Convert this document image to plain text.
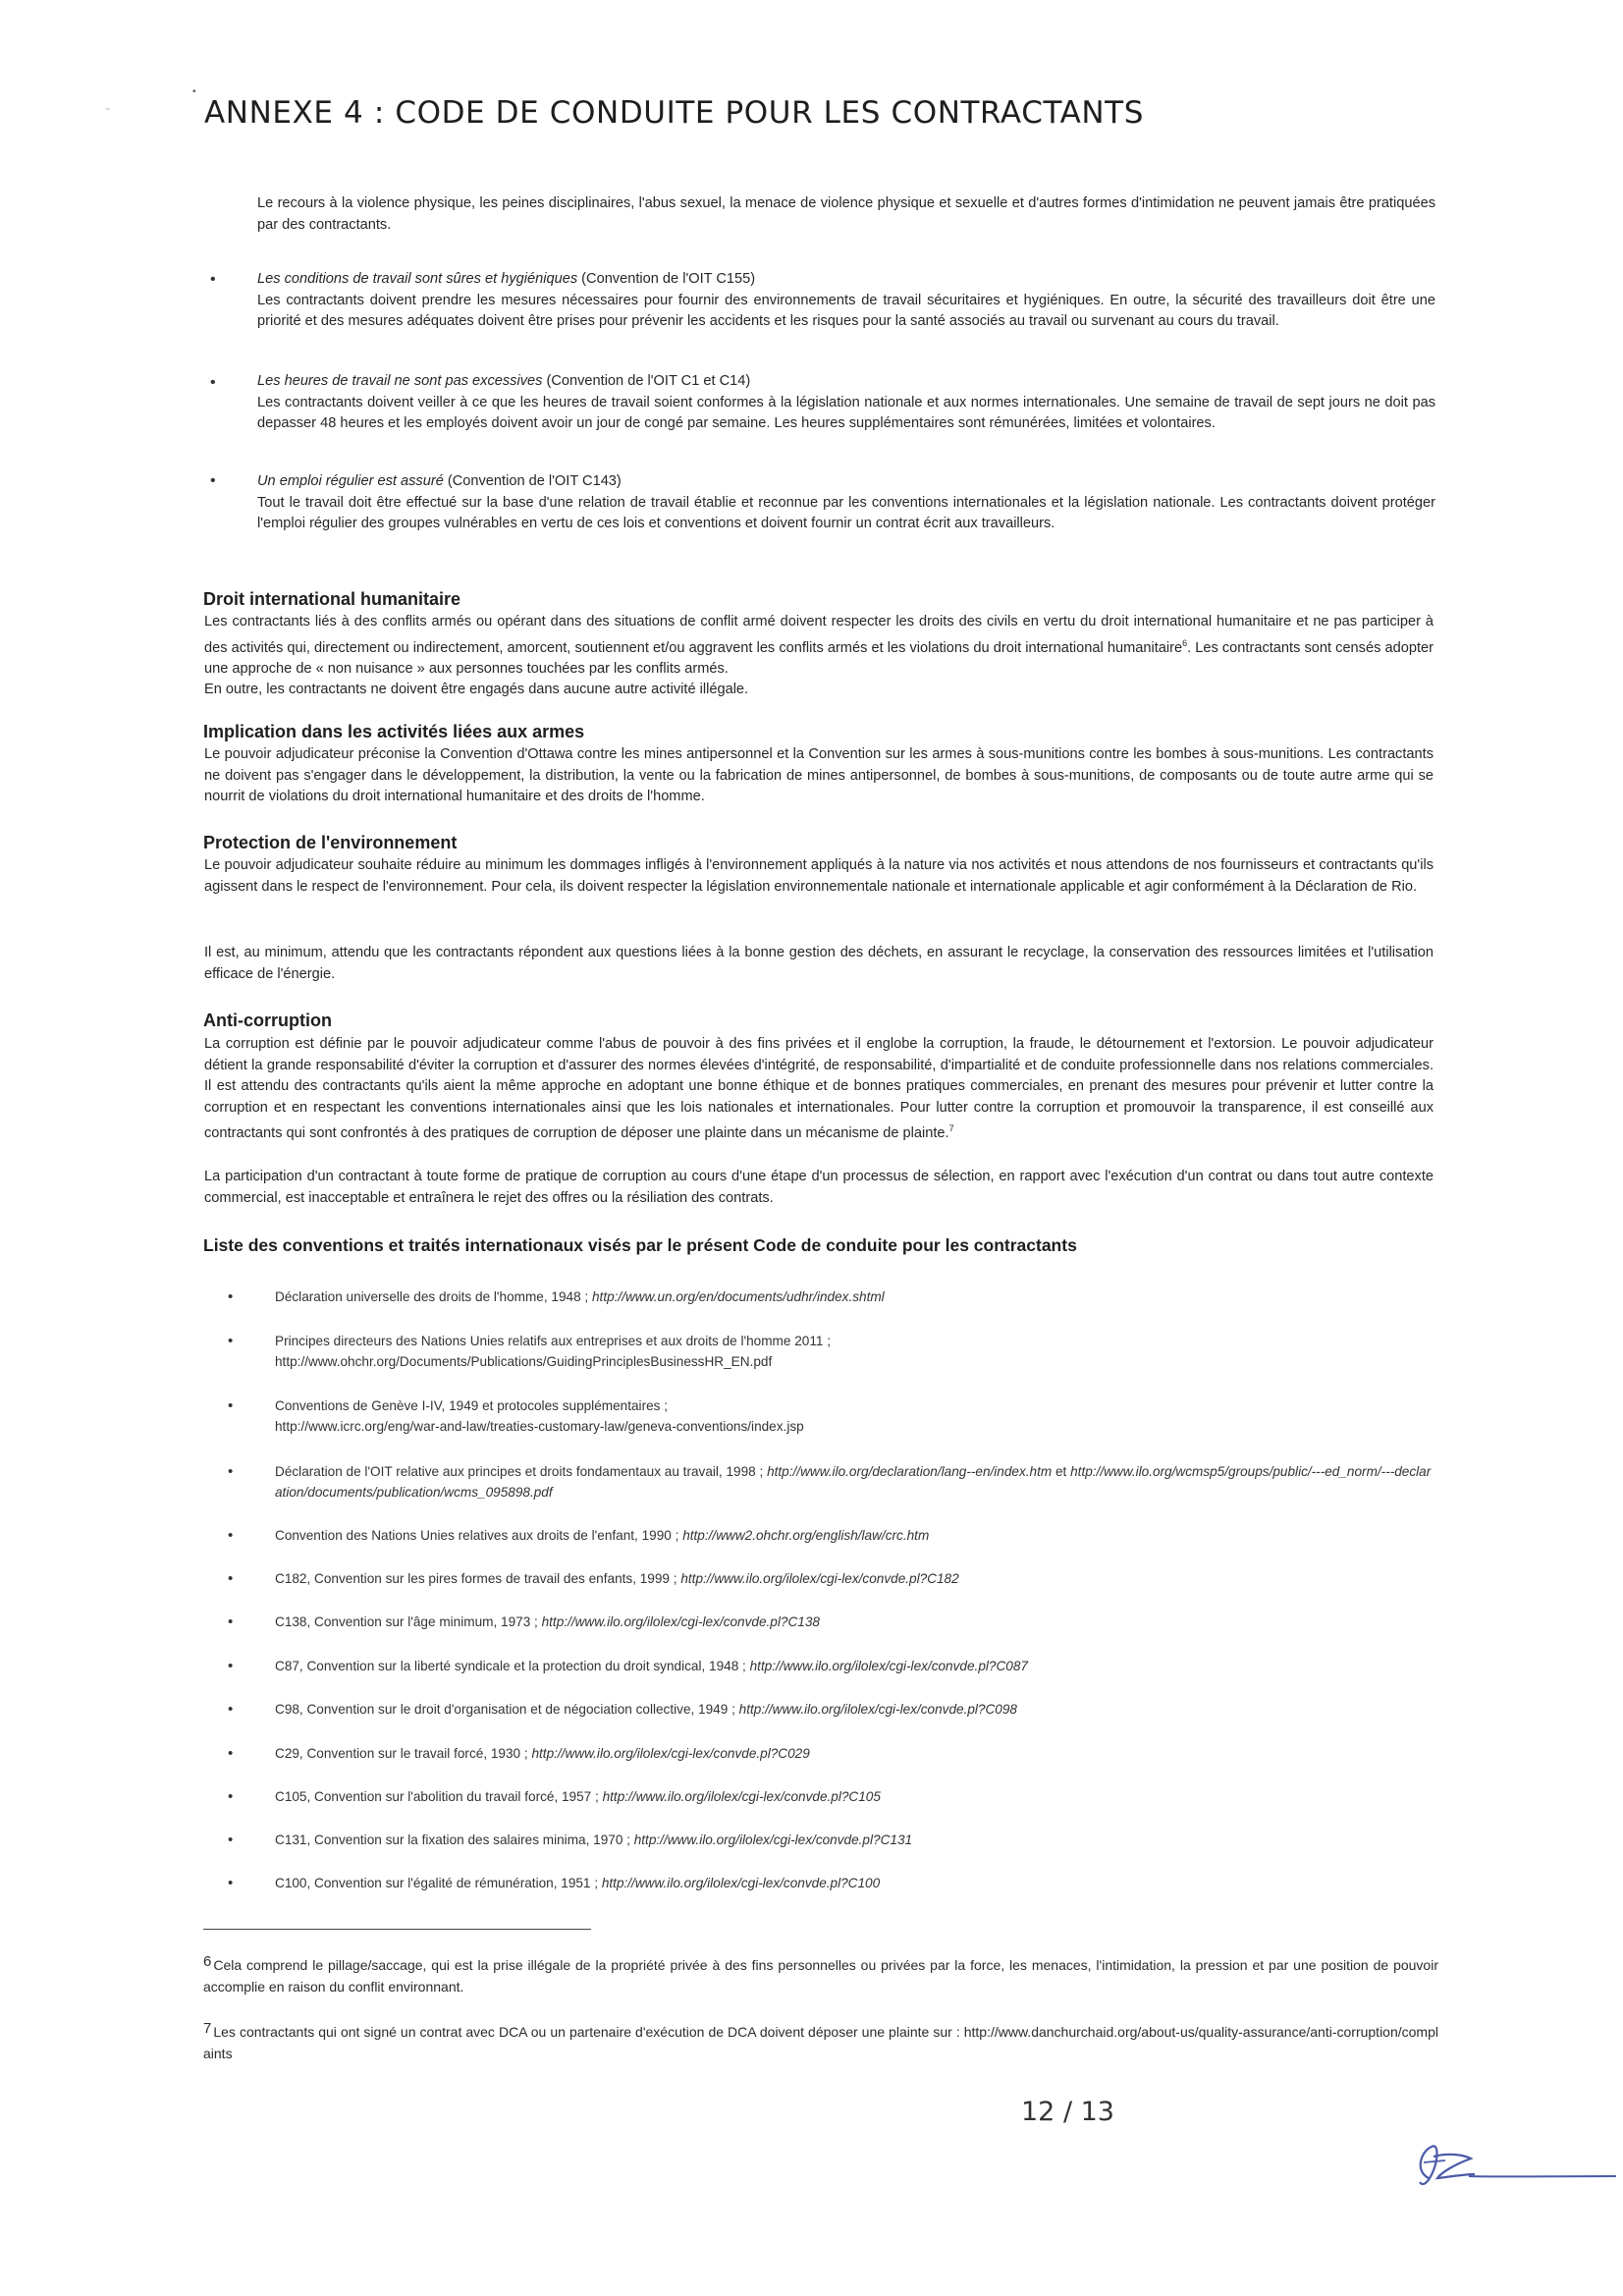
⁻
•
ANNEXE 4 : CODE DE CONDUITE POUR LES CONTRACTANTS
Le recours à la violence physique, les peines disciplinaires, l'abus sexuel, la menace de violence physique et sexuelle et d'autres formes d'intimidation ne peuvent jamais être pratiquées par des contractants.
•	Les conditions de travail sont sûres et hygiéniques (Convention de l'OIT C155)
Les contractants doivent prendre les mesures nécessaires pour fournir des environnements de travail sécuritaires et hygiéniques. En outre, la sécurité des travailleurs doit être une priorité et des mesures adéquates doivent être prises pour prévenir les accidents et les risques pour la santé associés au travail ou survenant au cours du travail.
•	Les heures de travail ne sont pas excessives (Convention de l'OIT C1 et C14)
Les contractants doivent veiller à ce que les heures de travail soient conformes à la législation nationale et aux normes internationales. Une semaine de travail de sept jours ne doit pas depasser 48 heures et les employés doivent avoir un jour de congé par semaine. Les heures supplémentaires sont rémunérées, limitées et volontaires.
•	Un emploi régulier est assuré (Convention de l'OIT C143)
Tout le travail doit être effectué sur la base d'une relation de travail établie et reconnue par les conventions internationales et la législation nationale. Les contractants doivent protéger l'emploi régulier des groupes vulnérables en vertu de ces lois et conventions et doivent fournir un contrat écrit aux travailleurs.
Droit international humanitaire
Les contractants liés à des conflits armés ou opérant dans des situations de conflit armé doivent respecter les droits des civils en vertu du droit international humanitaire et ne pas participer à des activités qui, directement ou indirectement, amorcent, soutiennent et/ou aggravent les conflits armés et les violations du droit international humanitaire$^6$. Les contractants sont censés adopter une approche de « non nuisance » aux personnes touchées par les conflits armés.
En outre, les contractants ne doivent être engagés dans aucune autre activité illégale.
Implication dans les activités liées aux armes
Le pouvoir adjudicateur préconise la Convention d'Ottawa contre les mines antipersonnel et la Convention sur les armes à sous-munitions contre les bombes à sous-munitions. Les contractants ne doivent pas s'engager dans le développement, la distribution, la vente ou la fabrication de mines antipersonnel, de bombes à sous-munitions, de composants ou de toute autre arme qui se nourrit de violations du droit international humanitaire et des droits de l'homme.
Protection de l'environnement
Le pouvoir adjudicateur souhaite réduire au minimum les dommages infligés à l'environnement appliqués à la nature via nos activités et nous attendons de nos fournisseurs et contractants qu'ils agissent dans le respect de l'environnement. Pour cela, ils doivent respecter la législation environnementale nationale et internationale applicable et agir conformément à la Déclaration de Rio.
Il est, au minimum, attendu que les contractants répondent aux questions liées à la bonne gestion des déchets, en assurant le recyclage, la conservation des ressources limitées et l'utilisation efficace de l'énergie.
Anti-corruption
La corruption est définie par le pouvoir adjudicateur comme l'abus de pouvoir à des fins privées et il englobe la corruption, la fraude, le détournement et l'extorsion. Le pouvoir adjudicateur détient la grande responsabilité d'éviter la corruption et d'assurer des normes élevées d'intégrité, de responsabilité, d'impartialité et de conduite professionnelle dans nos relations commerciales. Il est attendu des contractants qu'ils aient la même approche en adoptant une bonne éthique et de bonnes pratiques commerciales, en prenant des mesures pour prévenir et lutter contre la corruption et en respectant les conventions internationales ainsi que les lois nationales et internationales. Pour lutter contre la corruption et promouvoir la transparence, il est conseillé aux contractants qui sont confrontés à des pratiques de corruption de déposer une plainte dans un mécanisme de plainte.$^7$
La participation d'un contractant à toute forme de pratique de corruption au cours d'une étape d'un processus de sélection, en rapport avec l'exécution d'un contrat ou dans tout autre contexte commercial, est inacceptable et entraînera le rejet des offres ou la résiliation des contrats.
Liste des conventions et traités internationaux visés par le présent Code de conduite pour les contractants
•	Déclaration universelle des droits de l'homme, 1948 ; http://www.un.org/en/documents/udhr/index.shtml
•	Principes directeurs des Nations Unies relatifs aux entreprises et aux droits de l'homme 2011 ;
http://www.ohchr.org/Documents/Publications/GuidingPrinciplesBusinessHR_EN.pdf
•	Conventions de Genève I-IV, 1949 et protocoles supplémentaires ;
http://www.icrc.org/eng/war-and-law/treaties-customary-law/geneva-conventions/index.jsp
•	Déclaration de l'OIT relative aux principes et droits fondamentaux au travail, 1998 ; http://www.ilo.org/declaration/lang--en/index.htm et http://www.ilo.org/wcmsp5/groups/public/---ed_norm/---declaration/documents/publication/wcms_095898.pdf
•	Convention des Nations Unies relatives aux droits de l'enfant, 1990 ; http://www2.ohchr.org/english/law/crc.htm
•	C182, Convention sur les pires formes de travail des enfants, 1999 ; http://www.ilo.org/ilolex/cgi-lex/convde.pl?C182
•	C138, Convention sur l'âge minimum, 1973 ; http://www.ilo.org/ilolex/cgi-lex/convde.pl?C138
•	C87, Convention sur la liberté syndicale et la protection du droit syndical, 1948 ; http://www.ilo.org/ilolex/cgi-lex/convde.pl?C087
•	C98, Convention sur le droit d'organisation et de négociation collective, 1949 ; http://www.ilo.org/ilolex/cgi-lex/convde.pl?C098
•	C29, Convention sur le travail forcé, 1930 ; http://www.ilo.org/ilolex/cgi-lex/convde.pl?C029
•	C105, Convention sur l'abolition du travail forcé, 1957 ; http://www.ilo.org/ilolex/cgi-lex/convde.pl?C105
•	C131, Convention sur la fixation des salaires minima, 1970 ; http://www.ilo.org/ilolex/cgi-lex/convde.pl?C131
•	C100, Convention sur l'égalité de rémunération, 1951 ; http://www.ilo.org/ilolex/cgi-lex/convde.pl?C100
$^6$ Cela comprend le pillage/saccage, qui est la prise illégale de la propriété privée à des fins personnelles ou privées par la force, les menaces, l'intimidation, la pression et par une position de pouvoir accomplie en raison du conflit environnant.
$^7$ Les contractants qui ont signé un contrat avec DCA ou un partenaire d'exécution de DCA doivent déposer une plainte sur : http://www.danchurchaid.org/about-us/quality-assurance/anti-corruption/complaints
12 / 13
